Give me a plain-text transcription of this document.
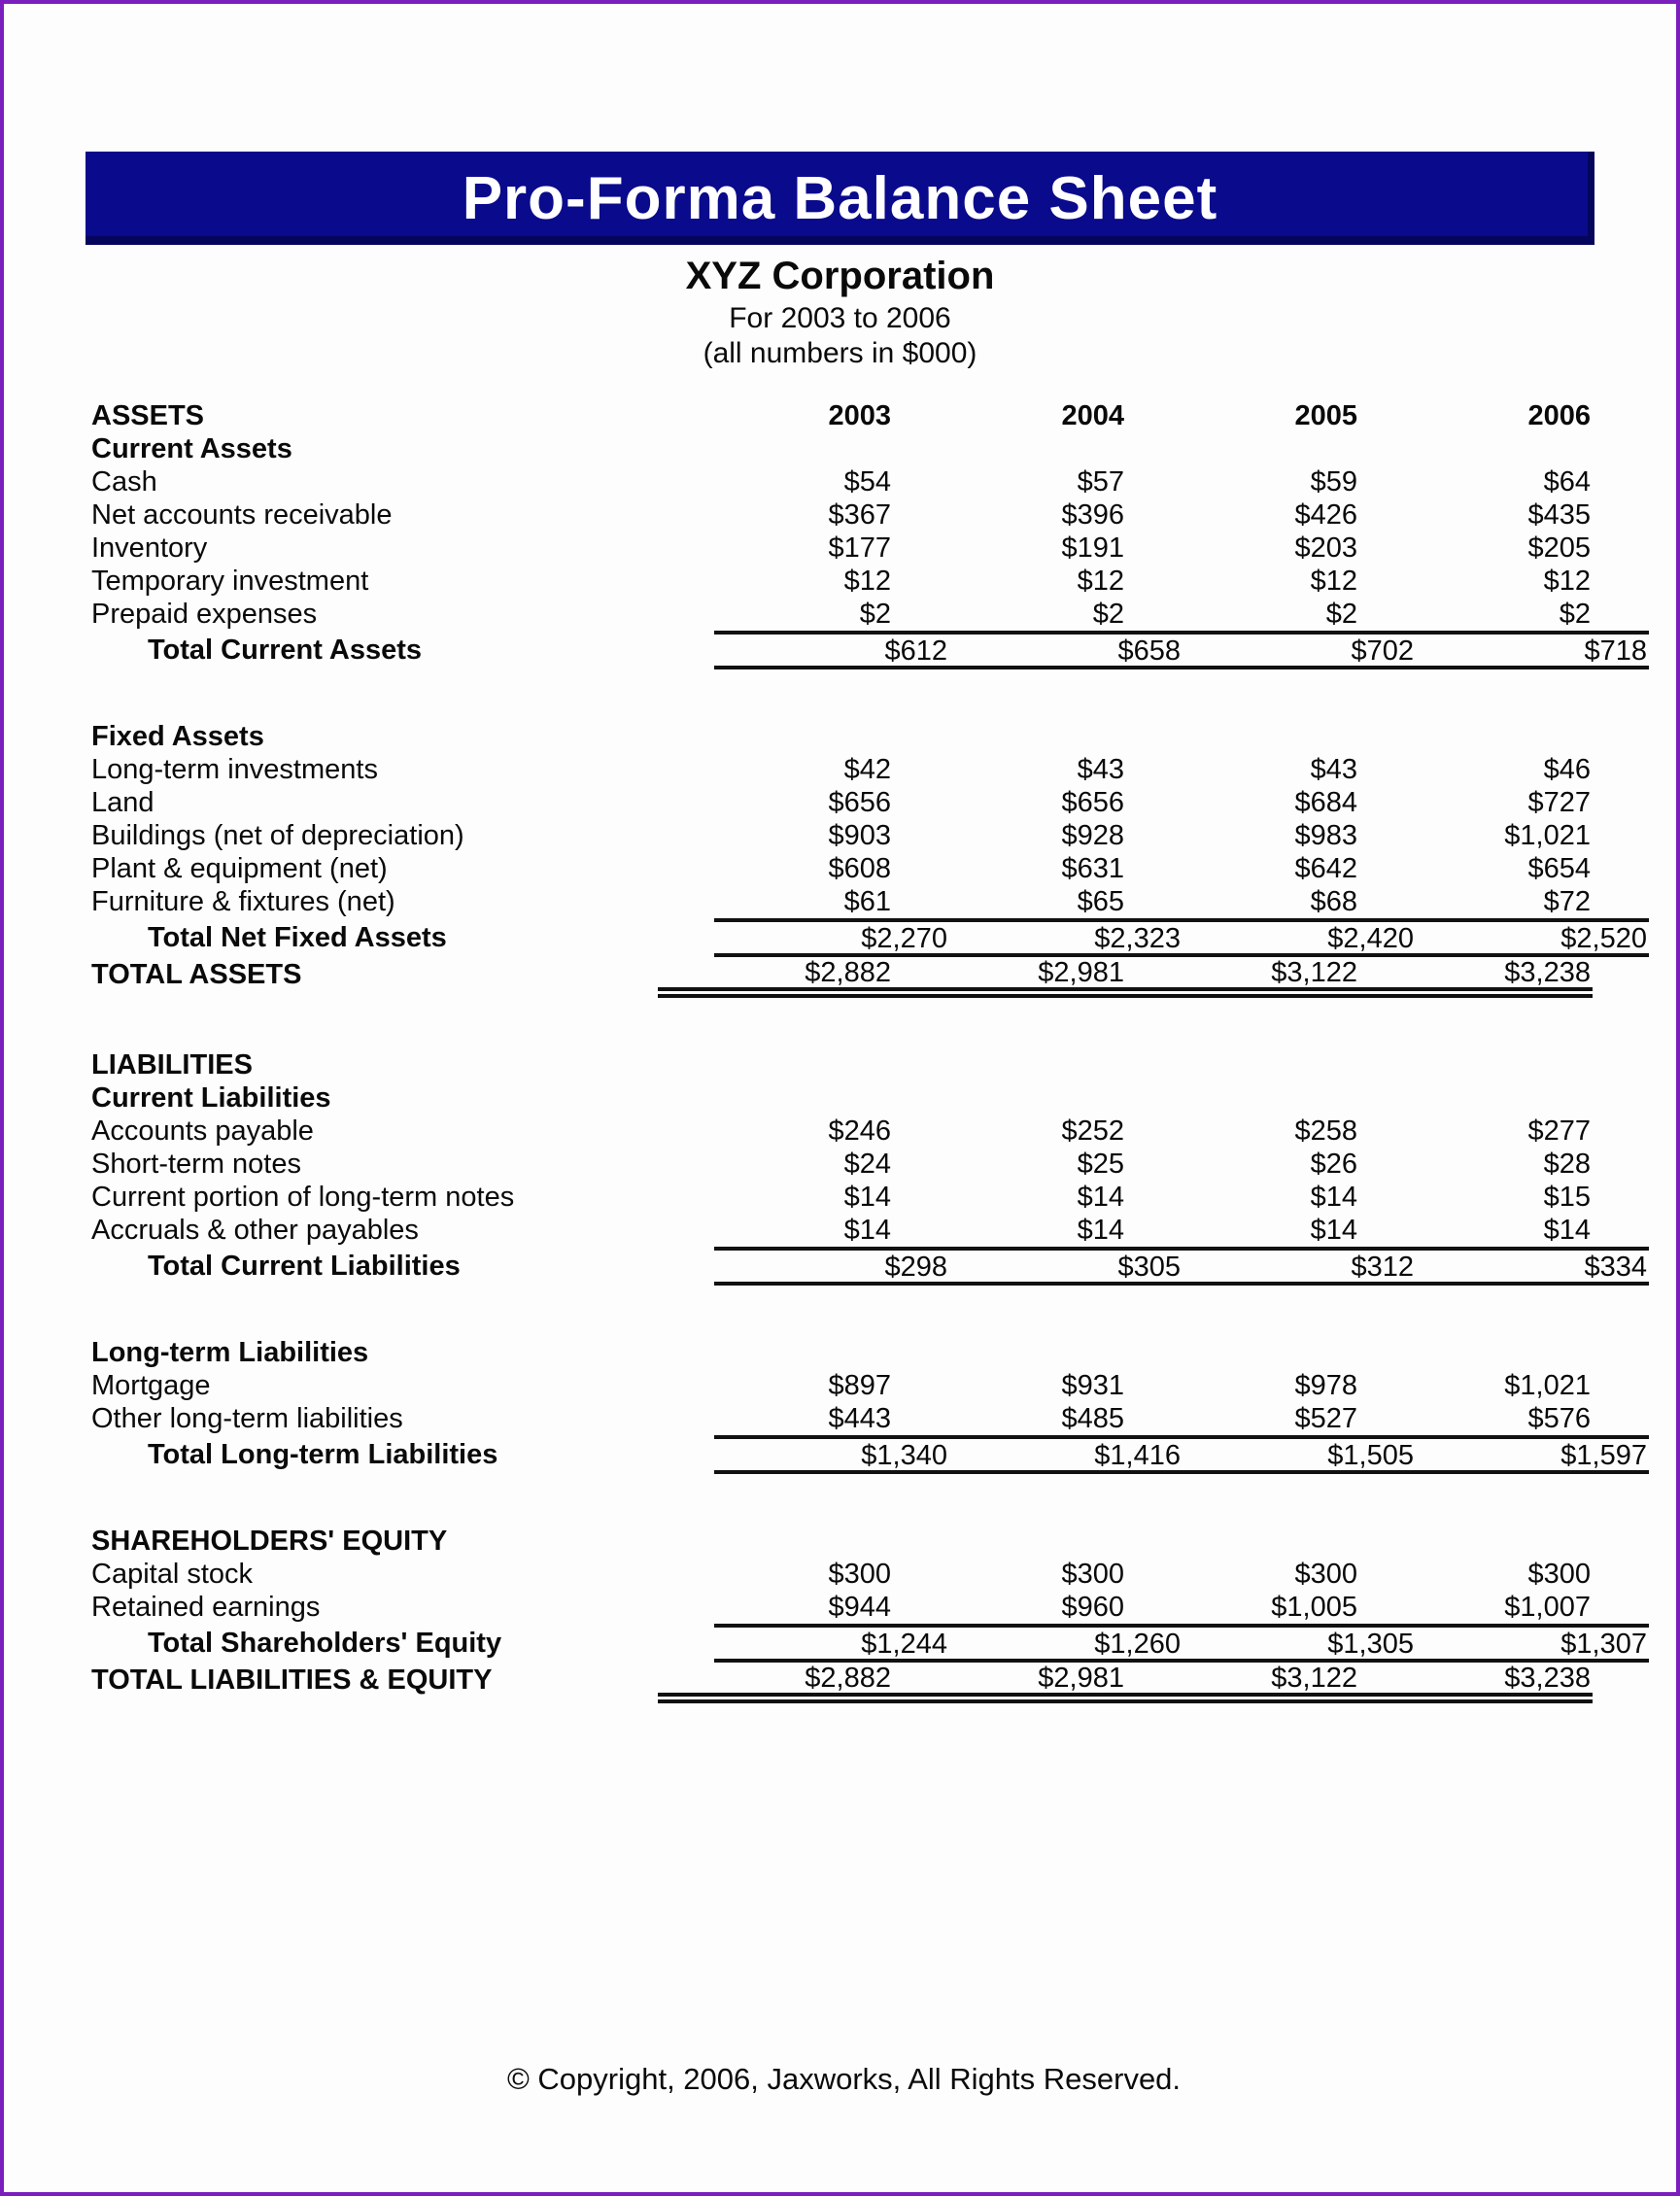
Pro-Forma Balance Sheet
XYZ Corporation
For 2003 to 2006
(all numbers in $000)
ASSETS	2003	2004	2005	2006
Current Assets
Cash	$54	$57	$59	$64
Net accounts receivable	$367	$396	$426	$435
Inventory	$177	$191	$203	$205
Temporary investment	$12	$12	$12	$12
Prepaid expenses	$2	$2	$2	$2
Total Current Assets	$612	$658	$702	$718
Fixed Assets
Long-term investments	$42	$43	$43	$46
Land	$656	$656	$684	$727
Buildings (net of depreciation)	$903	$928	$983	$1,021
Plant & equipment (net)	$608	$631	$642	$654
Furniture & fixtures (net)	$61	$65	$68	$72
Total Net Fixed Assets	$2,270	$2,323	$2,420	$2,520
TOTAL ASSETS	$2,882	$2,981	$3,122	$3,238
LIABILITIES
Current Liabilities
Accounts payable	$246	$252	$258	$277
Short-term notes	$24	$25	$26	$28
Current portion of long-term notes	$14	$14	$14	$15
Accruals & other payables	$14	$14	$14	$14
Total Current Liabilities	$298	$305	$312	$334
Long-term Liabilities
Mortgage	$897	$931	$978	$1,021
Other long-term liabilities	$443	$485	$527	$576
Total Long-term Liabilities	$1,340	$1,416	$1,505	$1,597
SHAREHOLDERS' EQUITY
Capital stock	$300	$300	$300	$300
Retained earnings	$944	$960	$1,005	$1,007
Total Shareholders' Equity	$1,244	$1,260	$1,305	$1,307
TOTAL LIABILITIES & EQUITY	$2,882	$2,981	$3,122	$3,238
© Copyright, 2006, Jaxworks, All Rights Reserved.
